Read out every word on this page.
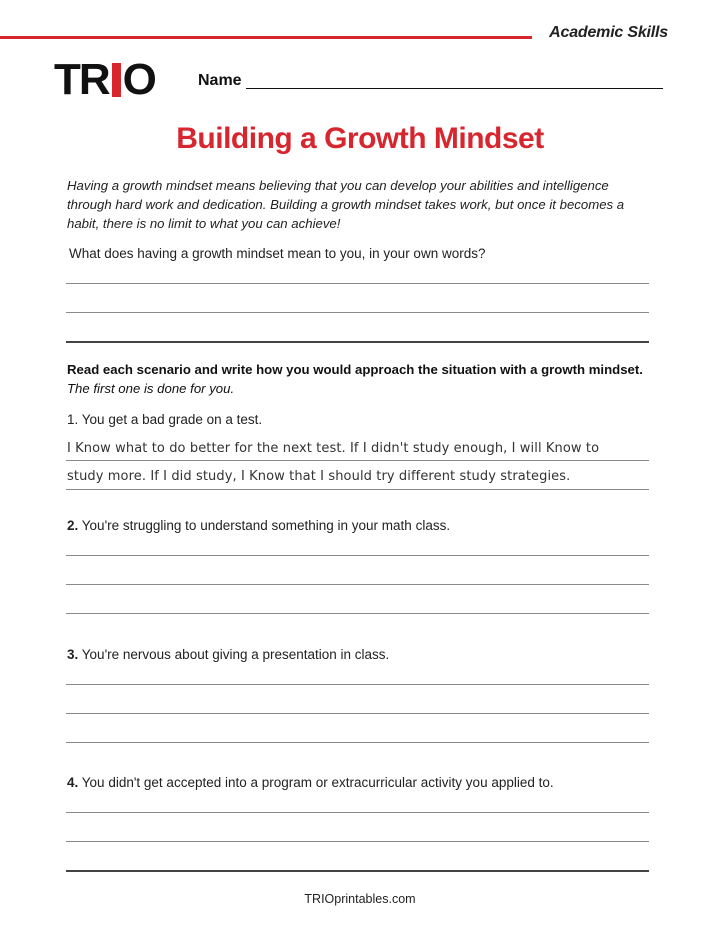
Academic Skills
TR O	Name
Building a Growth Mindset

Having a growth mindset means believing that you can develop your abilities and intelligence through hard work and dedication. Building a growth mindset takes work, but once it becomes a habit, there is no limit to what you can achieve!

What does having a growth mindset mean to you, in your own words?

Read each scenario and write how you would approach the situation with a growth mindset. The first one is done for you.

1. You get a bad grade on a test.
I Know what to do better for the next test. If I didn't study enough, I will Know to
study more. If I did study, I Know that I should try different study strategies.
2. You're struggling to understand something in your math class.
3. You're nervous about giving a presentation in class.
4. You didn't get accepted into a program or extracurricular activity you applied to.
TRIOprintables.com
